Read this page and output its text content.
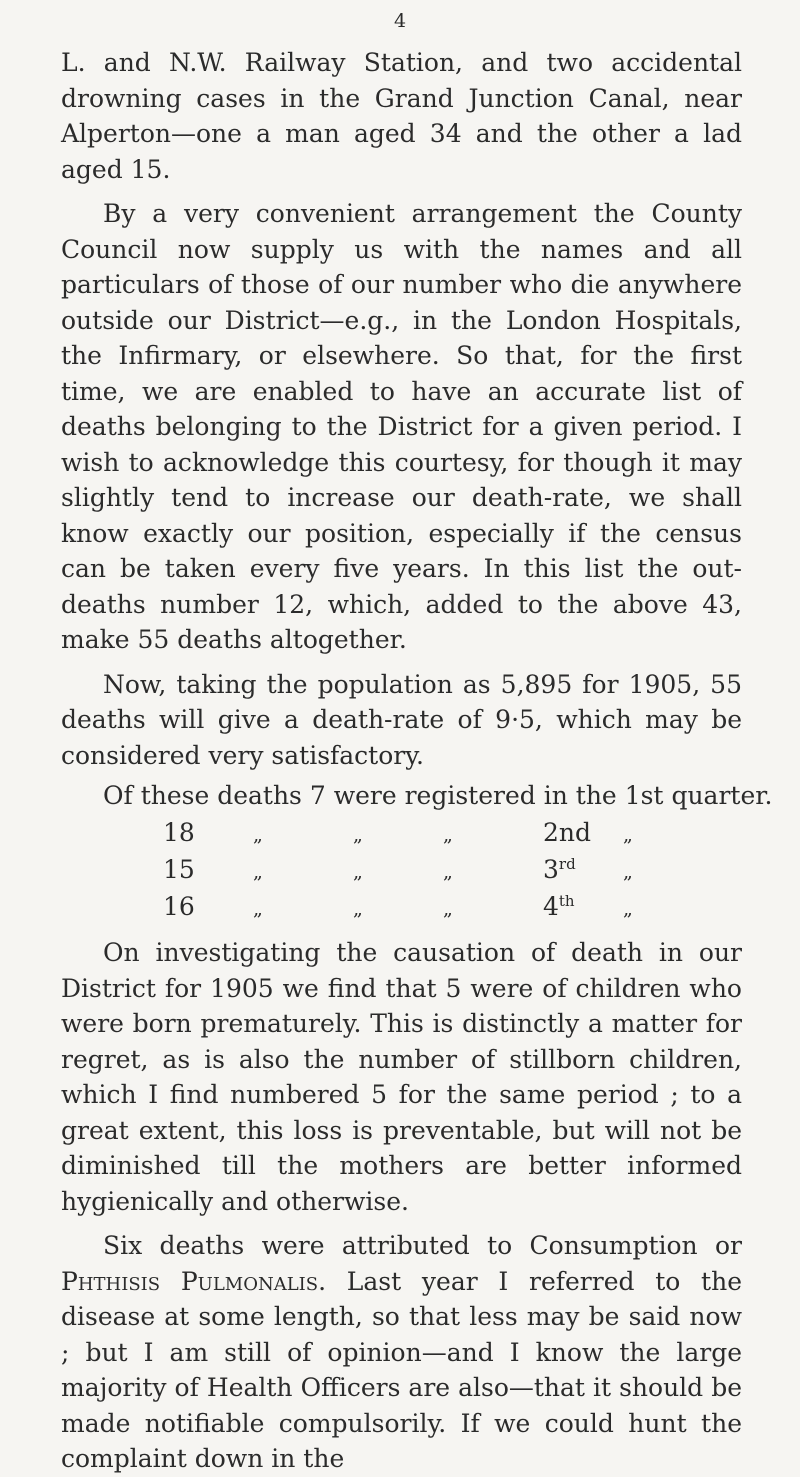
4

L. and N.W. Railway Station, and two accidental drowning cases in the Grand Junction Canal, near Alperton—one a man aged 34 and the other a lad aged 15.

By a very convenient arrangement the County Council now supply us with the names and all particulars of those of our number who die anywhere outside our District—e.g., in the London Hospitals, the Infirmary, or elsewhere. So that, for the first time, we are enabled to have an accurate list of deaths belonging to the District for a given period. I wish to acknowledge this courtesy, for though it may slightly tend to increase our death-rate, we shall know exactly our position, especially if the census can be taken every five years. In this list the out-deaths number 12, which, added to the above 43, make 55 deaths altogether.

Now, taking the population as 5,895 for 1905, 55 deaths will give a death-rate of 9·5, which may be considered very satisfactory.

Of these deaths
7
were
registered
in the
1 st
quarter.
18	„	„	„	2nd	„
15	„	„	„	3rd	„
16	„	„	„	4th	„

On investigating the causation of death in our District for 1905 we find that 5 were of children who were born prematurely. This is distinctly a matter for regret, as is also the number of stillborn children, which I find numbered 5 for the same period ; to a great extent, this loss is preventable, but will not be diminished till the mothers are better informed hygienically and otherwise.

Six deaths were attributed to Consumption or Phthisis Pulmonalis. Last year I referred to the disease at some length, so that less may be said now ; but I am still of opinion—and I know the large majority of Health Officers are also—that it should be made notifiable compulsorily. If we could hunt the complaint down in the
